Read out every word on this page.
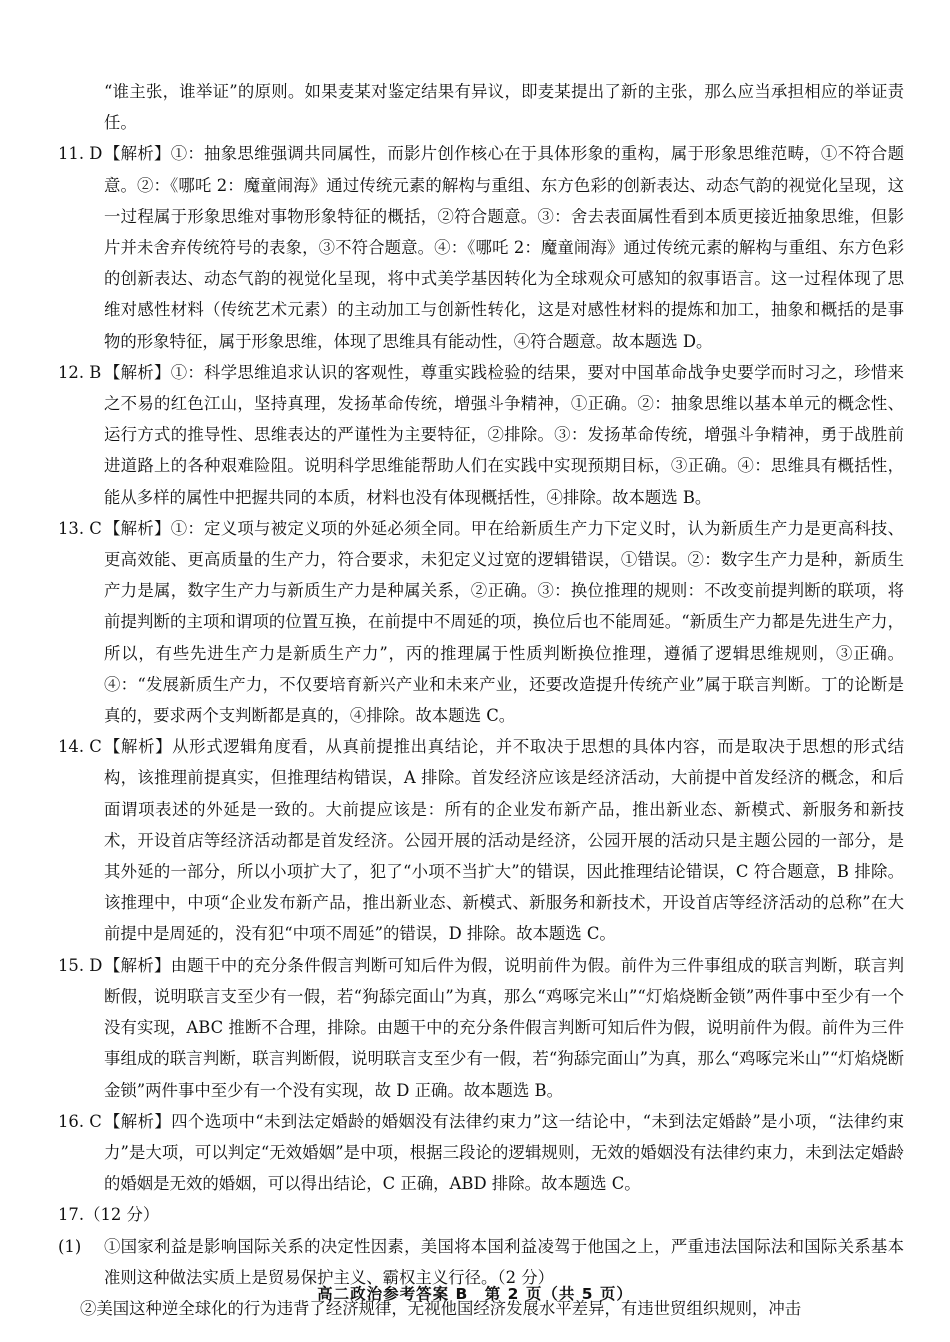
“谁主张，谁举证”的原则。如果麦某对鉴定结果有异议，即麦某提出了新的主张，那么应当承担相应的举证责任。
11. D 【解析】①：抽象思维强调共同属性，而影片创作核心在于具体形象的重构，属于形象思维范畴，①不符合题意。②：《哪吒 2：魔童闹海》通过传统元素的解构与重组、东方色彩的创新表达、动态气韵的视觉化呈现，这一过程属于形象思维对事物形象特征的概括，②符合题意。③：舍去表面属性看到本质更接近抽象思维，但影片并未舍弃传统符号的表象，③不符合题意。④：《哪吒 2：魔童闹海》通过传统元素的解构与重组、东方色彩的创新表达、动态气韵的视觉化呈现，将中式美学基因转化为全球观众可感知的叙事语言。这一过程体现了思维对感性材料（传统艺术元素）的主动加工与创新性转化，这是对感性材料的提炼和加工，抽象和概括的是事物的形象特征，属于形象思维，体现了思维具有能动性，④符合题意。故本题选 D。
12. B 【解析】①：科学思维追求认识的客观性，尊重实践检验的结果，要对中国革命战争史要学而时习之，珍惜来之不易的红色江山，坚持真理，发扬革命传统，增强斗争精神，①正确。②：抽象思维以基本单元的概念性、运行方式的推导性、思维表达的严谨性为主要特征，②排除。③：发扬革命传统，增强斗争精神，勇于战胜前进道路上的各种艰难险阻。说明科学思维能帮助人们在实践中实现预期目标，③正确。④：思维具有概括性，能从多样的属性中把握共同的本质，材料也没有体现概括性，④排除。故本题选 B。
13. C 【解析】①：定义项与被定义项的外延必须全同。甲在给新质生产力下定义时，认为新质生产力是更高科技、更高效能、更高质量的生产力，符合要求，未犯定义过宽的逻辑错误，①错误。②：数字生产力是种，新质生产力是属，数字生产力与新质生产力是种属关系，②正确。③：换位推理的规则：不改变前提判断的联项，将前提判断的主项和谓项的位置互换，在前提中不周延的项，换位后也不能周延。“新质生产力都是先进生产力，所以，有些先进生产力是新质生产力”，丙的推理属于性质判断换位推理，遵循了逻辑思维规则，③正确。④：“发展新质生产力，不仅要培育新兴产业和未来产业，还要改造提升传统产业”属于联言判断。丁的论断是真的，要求两个支判断都是真的，④排除。故本题选 C。
14. C 【解析】从形式逻辑角度看，从真前提推出真结论，并不取决于思想的具体内容，而是取决于思想的形式结构，该推理前提真实，但推理结构错误，A 排除。首发经济应该是经济活动，大前提中首发经济的概念，和后面谓项表述的外延是一致的。大前提应该是：所有的企业发布新产品，推出新业态、新模式、新服务和新技术，开设首店等经济活动都是首发经济。公园开展的活动是经济，公园开展的活动只是主题公园的一部分，是其外延的一部分，所以小项扩大了，犯了“小项不当扩大”的错误，因此推理结论错误，C 符合题意，B 排除。该推理中，中项“企业发布新产品，推出新业态、新模式、新服务和新技术，开设首店等经济活动的总称”在大前提中是周延的，没有犯“中项不周延”的错误，D 排除。故本题选 C。
15. D 【解析】由题干中的充分条件假言判断可知后件为假，说明前件为假。前件为三件事组成的联言判断，联言判断假，说明联言支至少有一假，若“狗舔完面山”为真，那么“鸡啄完米山”“灯焰烧断金锁”两件事中至少有一个没有实现，ABC 推断不合理，排除。由题干中的充分条件假言判断可知后件为假，说明前件为假。前件为三件事组成的联言判断，联言判断假，说明联言支至少有一假，若“狗舔完面山”为真，那么“鸡啄完米山”“灯焰烧断金锁”两件事中至少有一个没有实现，故 D 正确。故本题选 B。
16. C 【解析】四个选项中“未到法定婚龄的婚姻没有法律约束力”这一结论中，“未到法定婚龄”是小项，“法律约束力”是大项，可以判定“无效婚姻”是中项，根据三段论的逻辑规则，无效的婚姻没有法律约束力，未到法定婚龄的婚姻是无效的婚姻，可以得出结论，C 正确，ABD 排除。故本题选 C。
17.（12 分）
(1)	①国家利益是影响国际关系的决定性因素，美国将本国利益凌驾于他国之上，严重违法国际法和国际关系基本准则这种做法实质上是贸易保护主义、霸权主义行径。（2 分）
②美国这种逆全球化的行为违背了经济规律，无视他国经济发展水平差异，有违世贸组织规则，冲击
高二政治参考答案 B　第 2 页（共 5 页）
